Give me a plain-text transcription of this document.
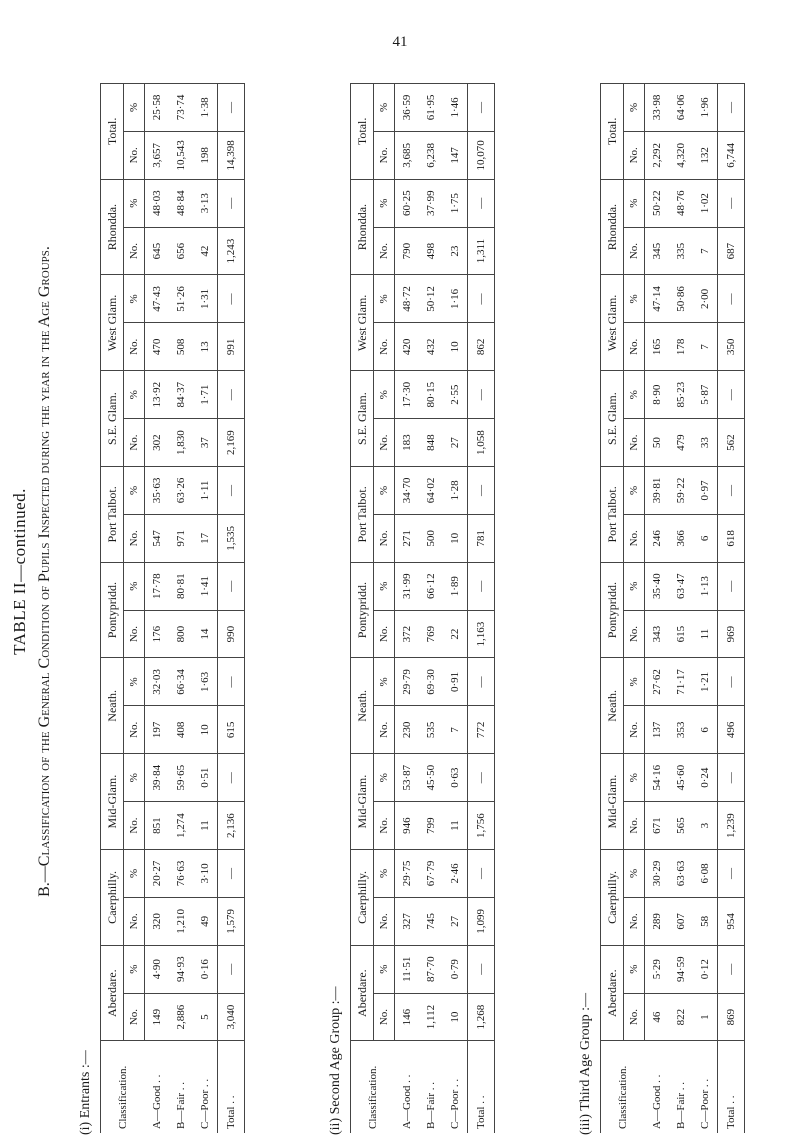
41
TABLE II—continued. B.—Classification of the General Condition of Pupils Inspected during the year in the Age Groups.
(i) Entrants :— Classification.	Aberdare.		Caerphilly.		Mid-Glam.		Neath.		Pontypridd.		Port Talbot.		S.E. Glam.		West Glam.		Rhondda.		Total.	
	No.	%	No.	%	No.	%	No.	%	No.	%	No.	%	No.	%	No.	%	No.	%	No.	%
A—Good . .	149	4·90	320	20·27	851	39·84	197	32·03	176	17·78	547	35·63	302	13·92	470	47·43	645	48·03	3,657	25·58
B—Fair . .	2,886	94·93	1,210	76·63	1,274	59·65	408	66·34	800	80·81	971	63·26	1,830	84·37	508	51·26	656	48·84	10,543	73·74
C—Poor . .	5	0·16	49	3·10	11	0·51	10	1·63	14	1·41	17	1·11	37	1·71	13	1·31	42	3·13	198	1·38
Total . .	3,040	—	1,579	—	2,136	—	615	—	990	—	1,535	—	2,169	—	991	—	1,243	—	14,398	—
(ii) Second Age Group :— Classification.	Aberdare.		Caerphilly.		Mid-Glam.		Neath.		Pontypridd.		Port Talbot.		S.E. Glam.		West Glam.		Rhondda.		Total.	
	No.	%	No.	%	No.	%	No.	%	No.	%	No.	%	No.	%	No.	%	No.	%	No.	%
A—Good . .	146	11·51	327	29·75	946	53·87	230	29·79	372	31·99	271	34·70	183	17·30	420	48·72	790	60·25	3,685	36·59
B—Fair . .	1,112	87·70	745	67·79	799	45·50	535	69·30	769	66·12	500	64·02	848	80·15	432	50·12	498	37·99	6,238	61·95
C—Poor . .	10	0·79	27	2·46	11	0·63	7	0·91	22	1·89	10	1·28	27	2·55	10	1·16	23	1·75	147	1·46
Total . .	1,268	—	1,099	—	1,756	—	772	—	1,163	—	781	—	1,058	—	862	—	1,311	—	10,070	—
(iii) Third Age Group :— Classification.	Aberdare.		Caerphilly.		Mid-Glam.		Neath.		Pontypridd.		Port Talbot.		S.E. Glam.		West Glam.		Rhondda.		Total.	
	No.	%	No.	%	No.	%	No.	%	No.	%	No.	%	No.	%	No.	%	No.	%	No.	%
A—Good . .	46	5·29	289	30·29	671	54·16	137	27·62	343	35·40	246	39·81	50	8·90	165	47·14	345	50·22	2,292	33·98
B—Fair . .	822	94·59	607	63·63	565	45·60	353	71·17	615	63·47	366	59·22	479	85·23	178	50·86	335	48·76	4,320	64·06
C—Poor . .	1	0·12	58	6·08	3	0·24	6	1·21	11	1·13	6	0·97	33	5·87	7	2·00	7	1·02	132	1·96
Total . .	869	—	954	—	1,239	—	496	—	969	—	618	—	562	—	350	—	687	—	6,744	—
